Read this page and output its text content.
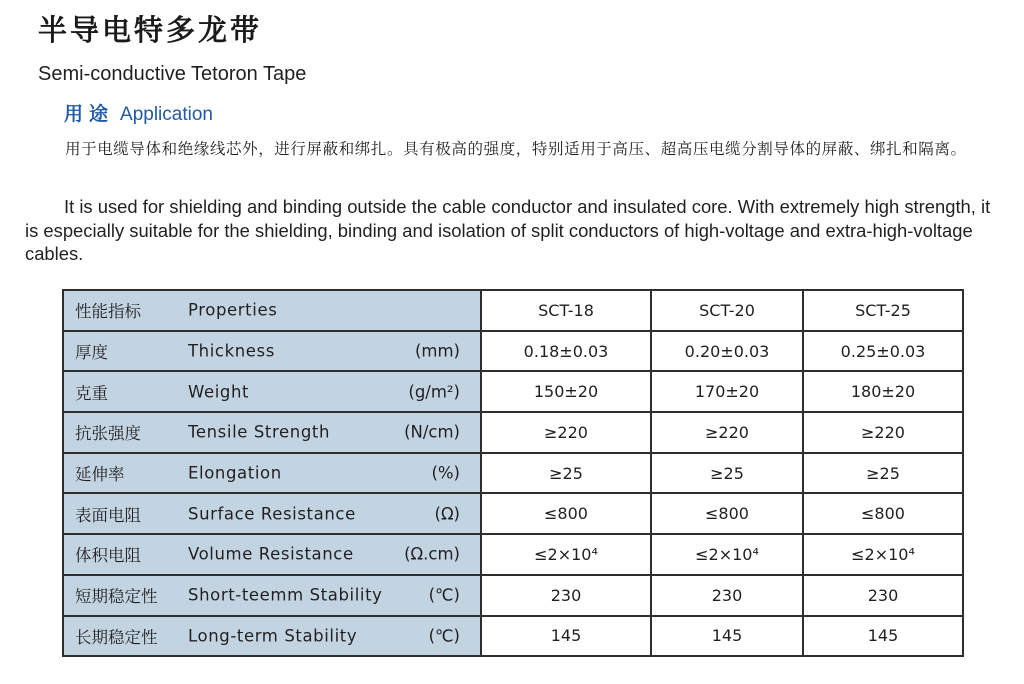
半导电特多龙带
Semi-conductive Tetoron Tape
用途 Application
用于电缆导体和绝缘线芯外，进行屏蔽和绑扎。具有极高的强度，特别适用于高压、超高压电缆分割导体的屏蔽、绑扎和隔离。
It is used for shielding and binding outside the cable conductor and insulated core. With extremely high strength, it is especially suitable for the shielding, binding and isolation of split conductors of high-voltage and extra-high-voltage cables.
性能指标 Properties	SCT-18	SCT-20	SCT-25

厚度 Thickness (mm)	0.18±0.03	0.20±0.03	0.25±0.03

克重 Weight (g/m²)	150±20	170±20	180±20

抗张强度 Tensile Strength (N/cm)	≥220	≥220	≥220

延伸率 Elongation (%)	≥25	≥25	≥25

表面电阻 Surface Resistance (Ω)	≤800	≤800	≤800

体积电阻 Volume Resistance (Ω.cm)	≤2×10⁴	≤2×10⁴	≤2×10⁴

短期稳定性 Short-teemm Stability (℃)	230	230	230

长期稳定性 Long-term Stability (℃)	145	145	145
